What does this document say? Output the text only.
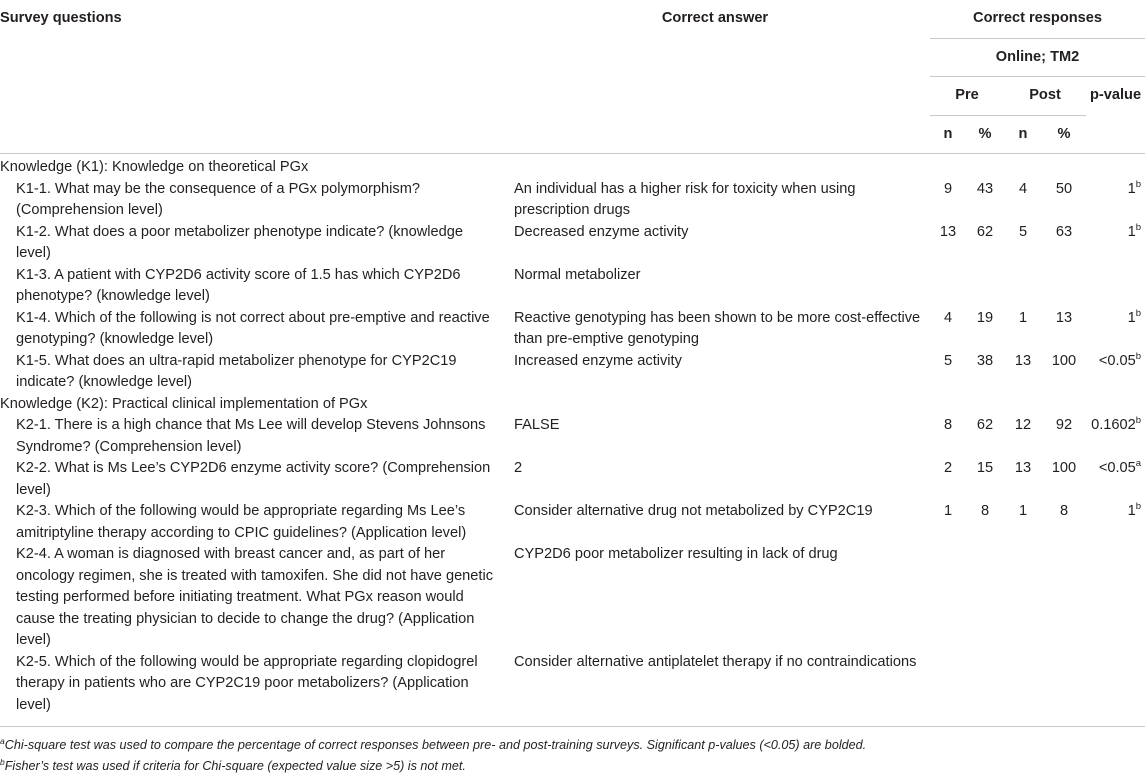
Survey questions	Correct answer	Correct responses				
		Online; TM2				
		Pre		Post		p-value
		n	%	n	%	
Knowledge (K1): Knowledge on theoretical PGx						
K1-1. What may be the consequence of a PGx polymorphism? (Comprehension level)	An individual has a higher risk for toxicity when using prescription drugs	9	43	4	50	1$^b$
K1-2. What does a poor metabolizer phenotype indicate? (knowledge level)	Decreased enzyme activity	13	62	5	63	1$^b$
K1-3. A patient with CYP2D6 activity score of 1.5 has which CYP2D6 phenotype? (knowledge level)	Normal metabolizer					
K1-4. Which of the following is not correct about pre-emptive and reactive genotyping? (knowledge level)	Reactive genotyping has been shown to be more cost-effective than pre-emptive genotyping	4	19	1	13	1$^b$
K1-5. What does an ultra-rapid metabolizer phenotype for CYP2C19 indicate? (knowledge level)	Increased enzyme activity	5	38	13	100	<0.05$^b$
Knowledge (K2): Practical clinical implementation of PGx						
K2-1. There is a high chance that Ms Lee will develop Stevens Johnsons Syndrome? (Comprehension level)	FALSE	8	62	12	92	0.1602$^b$
K2-2. What is Ms Lee’s CYP2D6 enzyme activity score? (Comprehension level)	2	2	15	13	100	<0.05$^a$
K2-3. Which of the following would be appropriate regarding Ms Lee’s amitriptyline therapy according to CPIC guidelines? (Application level)	Consider alternative drug not metabolized by CYP2C19	1	8	1	8	1$^b$
K2-4. A woman is diagnosed with breast cancer and, as part of her oncology regimen, she is treated with tamoxifen. She did not have genetic testing performed before initiating treatment. What PGx reason would cause the treating physician to decide to change the drug? (Application level)	CYP2D6 poor metabolizer resulting in lack of drug					
K2-5. Which of the following would be appropriate regarding clopidogrel therapy in patients who are CYP2C19 poor metabolizers? (Application level)	Consider alternative antiplatelet therapy if no contraindications					
$^a$Chi-square test was used to compare the percentage of correct responses between pre- and post-training surveys. Significant p-values (<0.05) are bolded.
$^b$Fisher’s test was used if criteria for Chi-square (expected value size >5) is not met.
